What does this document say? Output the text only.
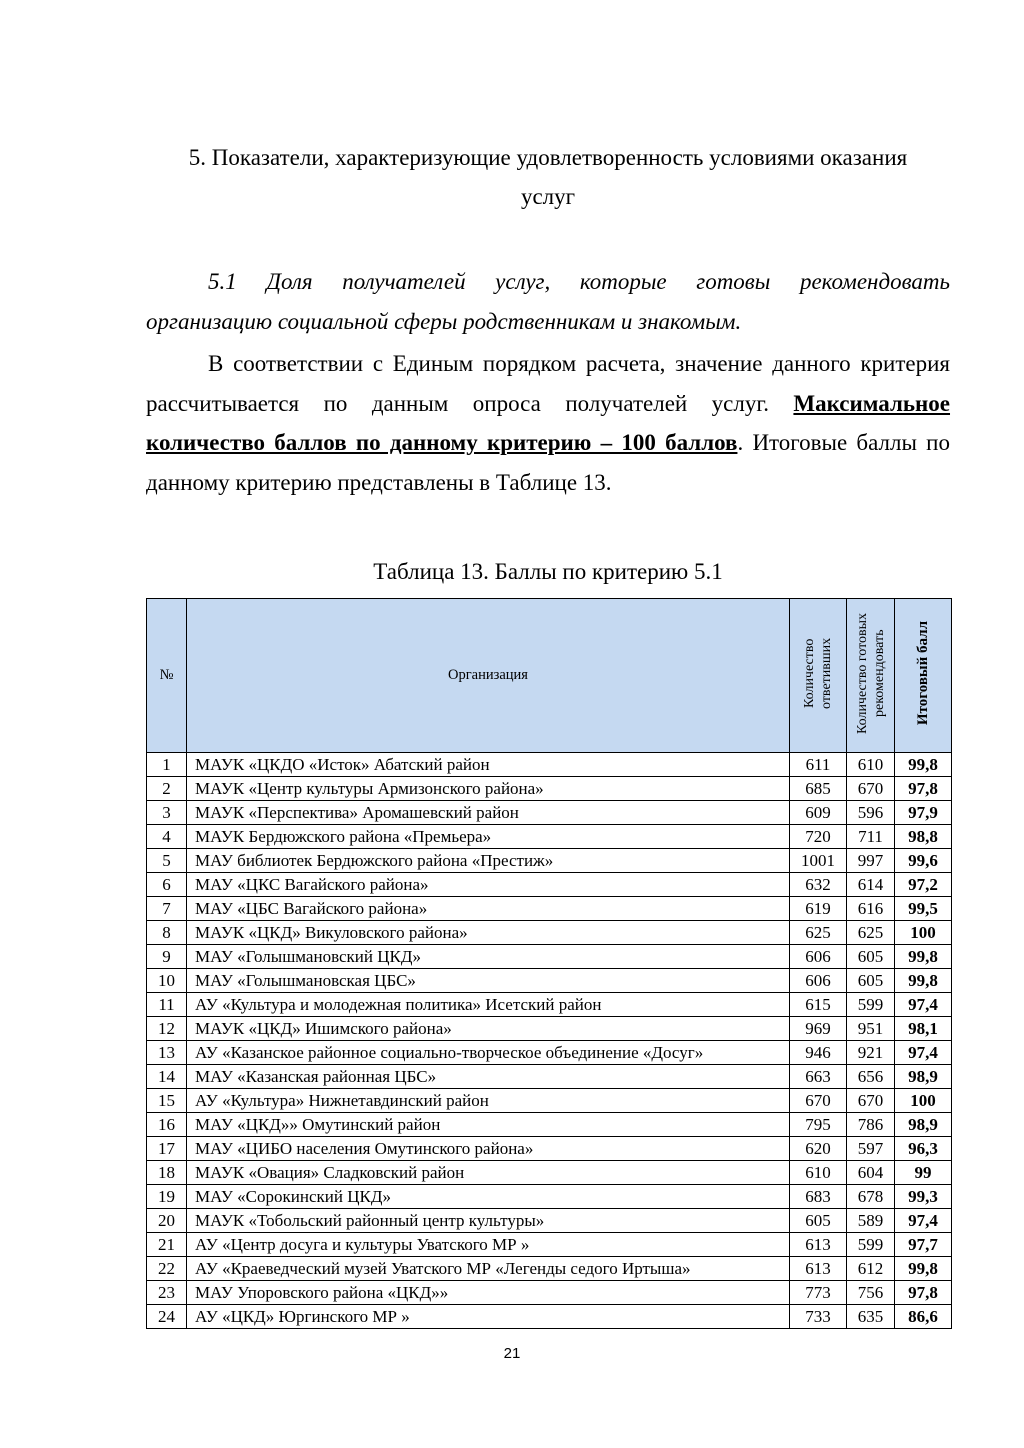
5. Показатели, характеризующие удовлетворенность условиями оказания
услуг
5.1 Доля получателей услуг, которые готовы рекомендовать
организацию социальной сферы родственникам и знакомым.
В соответствии с Единым порядком расчета, значение данного критерия
рассчитывается по данным опроса получателей услуг. Максимальное
количество баллов по данному критерию – 100 баллов. Итоговые баллы по
данному критерию представлены в Таблице 13.
Таблица 13. Баллы по критерию 5.1
№	Организация	Количество ответивших	Количество готовых рекомендовать	Итоговый балл
1	МАУК «ЦКДО «Исток» Абатский район	611	610	99,8
2	МАУК «Центр культуры Армизонского района»	685	670	97,8
3	МАУК «Перспектива» Аромашевский район	609	596	97,9
4	МАУК Бердюжского района «Премьера»	720	711	98,8
5	МАУ библиотек Бердюжского района «Престиж»	1001	997	99,6
6	МАУ «ЦКС Вагайского района»	632	614	97,2
7	МАУ «ЦБС Вагайского района»	619	616	99,5
8	МАУК «ЦКД» Викуловского района»	625	625	100
9	МАУ «Голышмановский ЦКД»	606	605	99,8
10	МАУ «Голышмановская ЦБС»	606	605	99,8
11	АУ «Культура и молодежная политика» Исетский район	615	599	97,4
12	МАУК «ЦКД» Ишимского района»	969	951	98,1
13	АУ «Казанское районное социально-творческое объединение «Досуг»	946	921	97,4
14	МАУ «Казанская районная ЦБС»	663	656	98,9
15	АУ «Культура» Нижнетавдинский район	670	670	100
16	МАУ «ЦКД»» Омутинский район	795	786	98,9
17	МАУ «ЦИБО населения Омутинского района»	620	597	96,3
18	МАУК «Овация» Сладковский район	610	604	99
19	МАУ «Сорокинский ЦКД»	683	678	99,3
20	МАУК «Тобольский районный центр культуры»	605	589	97,4
21	АУ «Центр досуга и культуры Уватского МР »	613	599	97,7
22	АУ «Краеведческий музей Уватского МР «Легенды седого Иртыша»	613	612	99,8
23	МАУ Упоровского района «ЦКД»»	773	756	97,8
24	АУ «ЦКД» Юргинского МР »	733	635	86,6
21
